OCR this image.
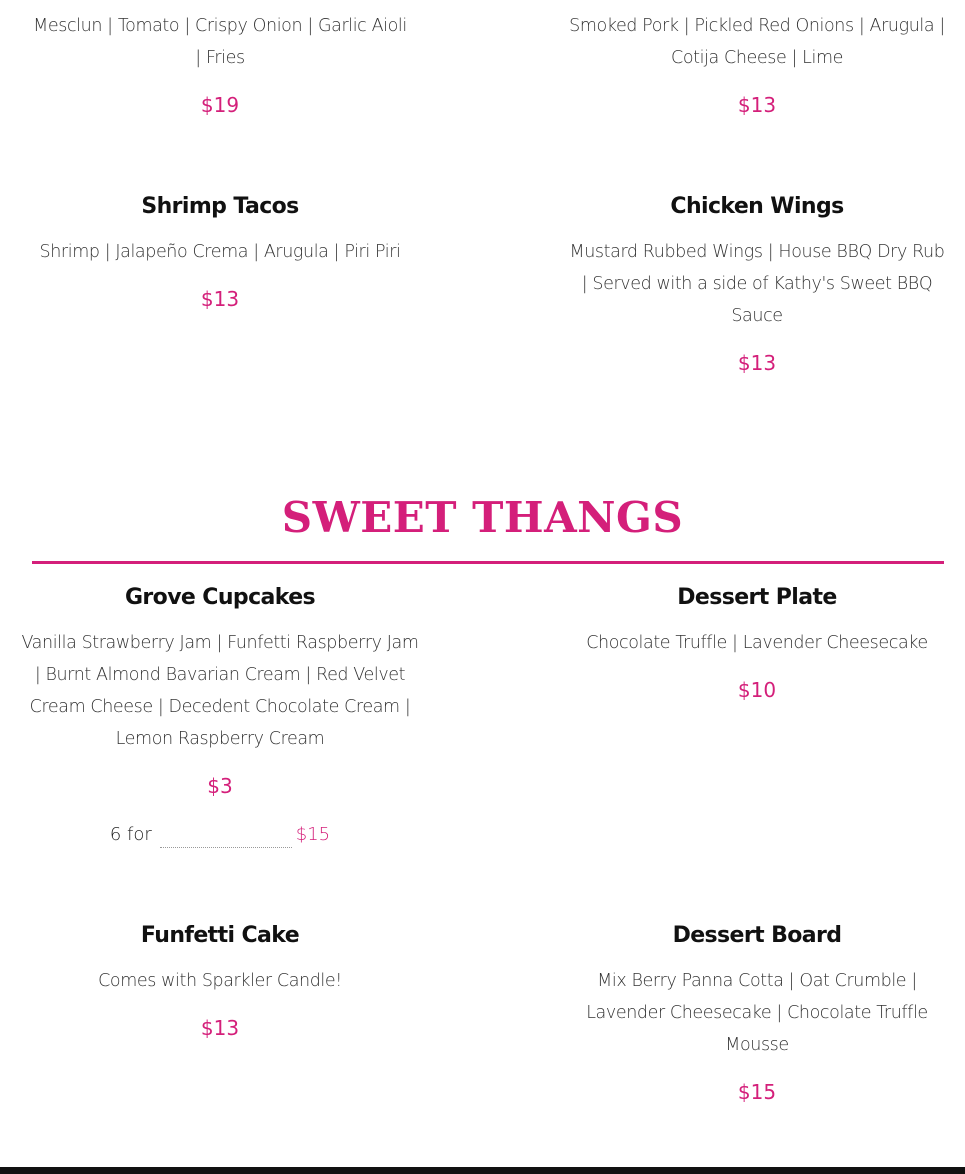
Mesclun | Tomato | Crispy Onion | Garlic Aioli | Fries

$19

Smoked Pork | Pickled Red Onions | Arugula | Cotija Cheese | Lime

$13

Shrimp Tacos

Shrimp | Jalapeño Crema | Arugula | Piri Piri

$13

Chicken Wings

Mustard Rubbed Wings | House BBQ Dry Rub | Served with a side of Kathy's Sweet BBQ Sauce

$13

SWEET THANGS
Grove Cupcakes

Vanilla Strawberry Jam | Funfetti Raspberry Jam | Burnt Almond Bavarian Cream | Red Velvet Cream Cheese | Decedent Chocolate Cream | Lemon Raspberry Cream

$3

6 for	$15
Dessert Plate

Chocolate Truffle | Lavender Cheesecake

$10

Funfetti Cake

Comes with Sparkler Candle!

$13

Dessert Board

Mix Berry Panna Cotta | Oat Crumble | Lavender Cheesecake | Chocolate Truffle Mousse

$15
